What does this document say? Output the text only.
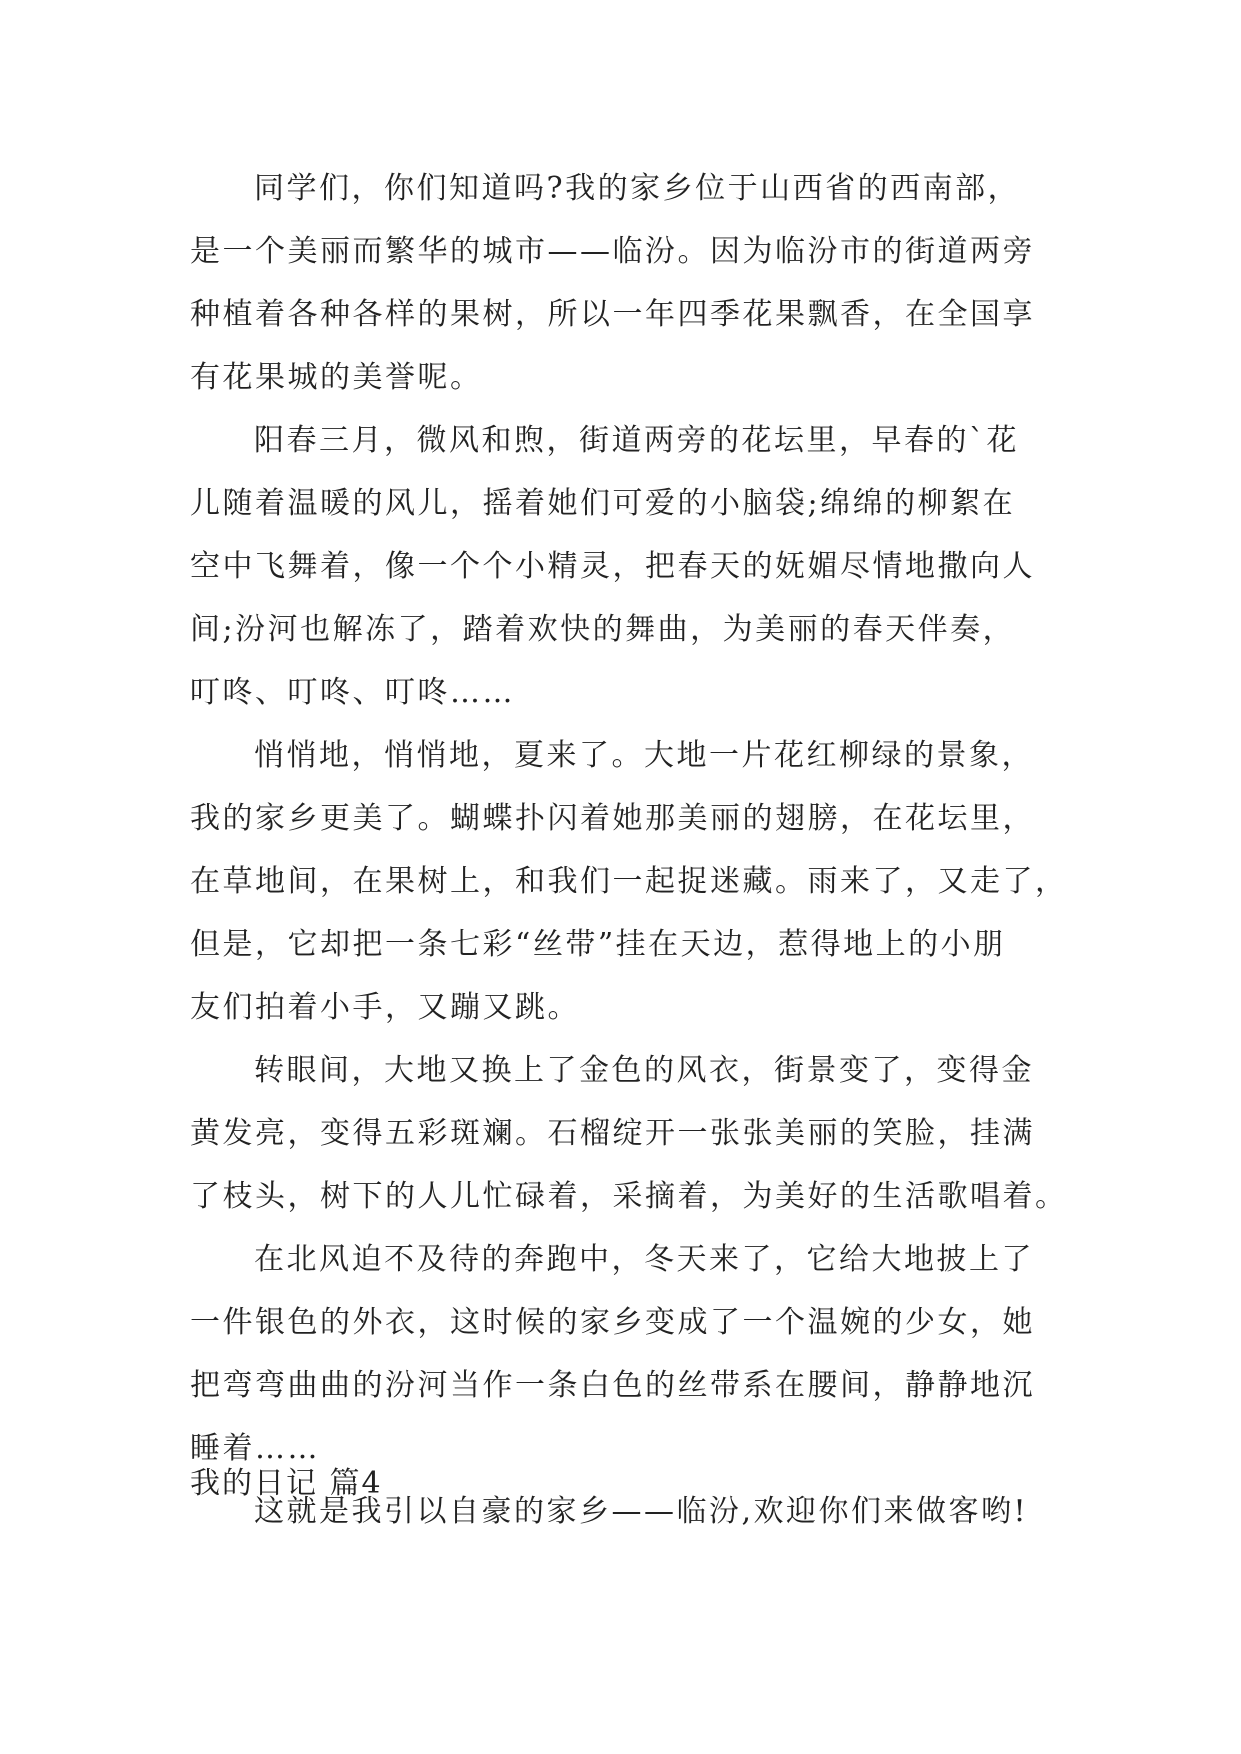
同学们，你们知道吗?我的家乡位于山西省的西南部，
是一个美丽而繁华的城市——临汾。因为临汾市的街道两旁
种植着各种各样的果树，所以一年四季花果飘香，在全国享
有花果城的美誉呢。
阳春三月，微风和煦，街道两旁的花坛里，早春的`花
儿随着温暖的风儿，摇着她们可爱的小脑袋;绵绵的柳絮在
空中飞舞着，像一个个小精灵，把春天的妩媚尽情地撒向人
间;汾河也解冻了，踏着欢快的舞曲，为美丽的春天伴奏，
叮咚、叮咚、叮咚……
悄悄地，悄悄地，夏来了。大地一片花红柳绿的景象，
我的家乡更美了。蝴蝶扑闪着她那美丽的翅膀，在花坛里，
在草地间，在果树上，和我们一起捉迷藏。雨来了，又走了，
但是，它却把一条七彩“丝带”挂在天边，惹得地上的小朋
友们拍着小手，又蹦又跳。
转眼间，大地又换上了金色的风衣，街景变了，变得金
黄发亮，变得五彩斑斓。石榴绽开一张张美丽的笑脸，挂满
了枝头，树下的人儿忙碌着，采摘着，为美好的生活歌唱着。
在北风迫不及待的奔跑中，冬天来了，它给大地披上了
一件银色的外衣，这时候的家乡变成了一个温婉的少女，她
把弯弯曲曲的汾河当作一条白色的丝带系在腰间，静静地沉
睡着……
这就是我引以自豪的家乡——临汾,欢迎你们来做客哟!
我的日记 篇4
